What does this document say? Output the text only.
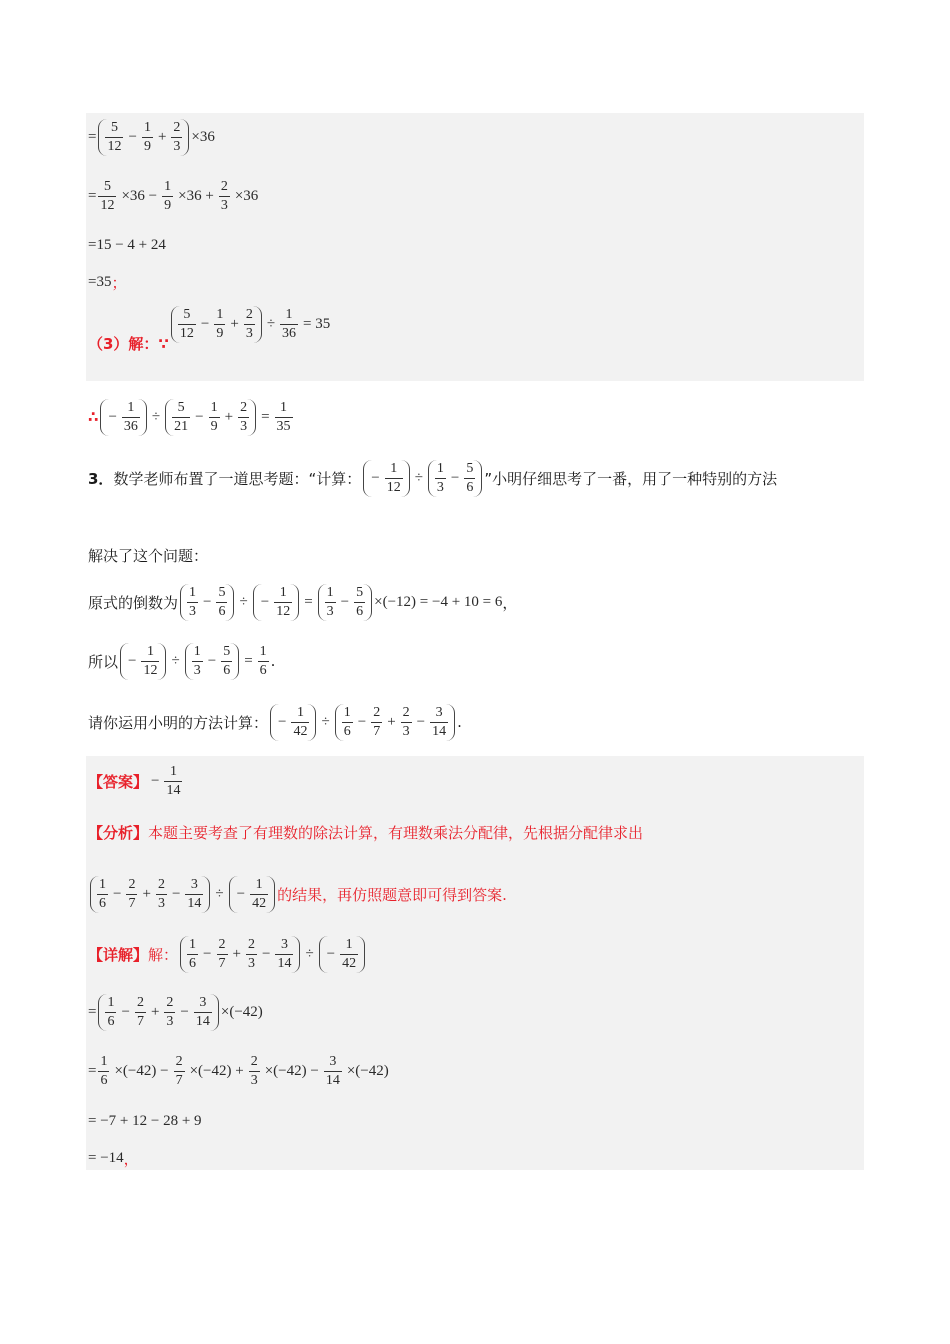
= $\frac{5}{12} - \frac{1}{9} + \frac{2}{3} \times 36$
= $\frac{5}{12} \times 36 - \frac{1}{9} \times 36 + \frac{2}{3} \times 36$
=15 − 4 + 24
=35 ；
（3）解：∵
$\frac{5}{12} - \frac{1}{9} + \frac{2}{3} \div \frac{1}{36} = 35$
∴ − $\frac{1}{36} \div \frac{5}{21} - \frac{1}{9} + \frac{2}{3} = \frac{1}{35}$
3． 数学老师布置了一道思考题：“计算： − $\frac{1}{12} \div \frac{1}{3} - \frac{5}{6}$ ”小明仔细思考了一番，用了一种特别的方法
解决了这个问题：
原式的倒数为 $\frac{1}{3} - \frac{5}{6}$ ÷ − $\frac{1}{12} = \frac{1}{3} - \frac{5}{6} \times(-12) = -4 + 10 = 6$ ，
所以 − $\frac{1}{12} \div \frac{1}{3} - \frac{5}{6} = \frac{1}{6}$ .
请你运用小明的方法计算： − $\frac{1}{42} \div \frac{1}{6} - \frac{2}{7} + \frac{2}{3} - \frac{3}{14}$ .
【答案】 − $\frac{1}{14}$
【分析】 本题主要考查了有理数的除法计算，有理数乘法分配律，先根据分配律求出
$\frac{1}{6} - \frac{2}{7} + \frac{2}{3} - \frac{3}{14}$ ÷ − $\frac{1}{42}$ 的结果，再仿照题意即可得到答案.
【详解】 解： $\frac{1}{6} - \frac{2}{7} + \frac{2}{3} - \frac{3}{14}$ ÷ − $\frac{1}{42}$
= $\frac{1}{6} - \frac{2}{7} + \frac{2}{3} - \frac{3}{14} \times(-42)$
= $\frac{1}{6} \times(-42) - \frac{2}{7} \times(-42) + \frac{2}{3} \times(-42) - \frac{3}{14} \times(-42)$
= −7 + 12 − 28 + 9
= −14 ，
